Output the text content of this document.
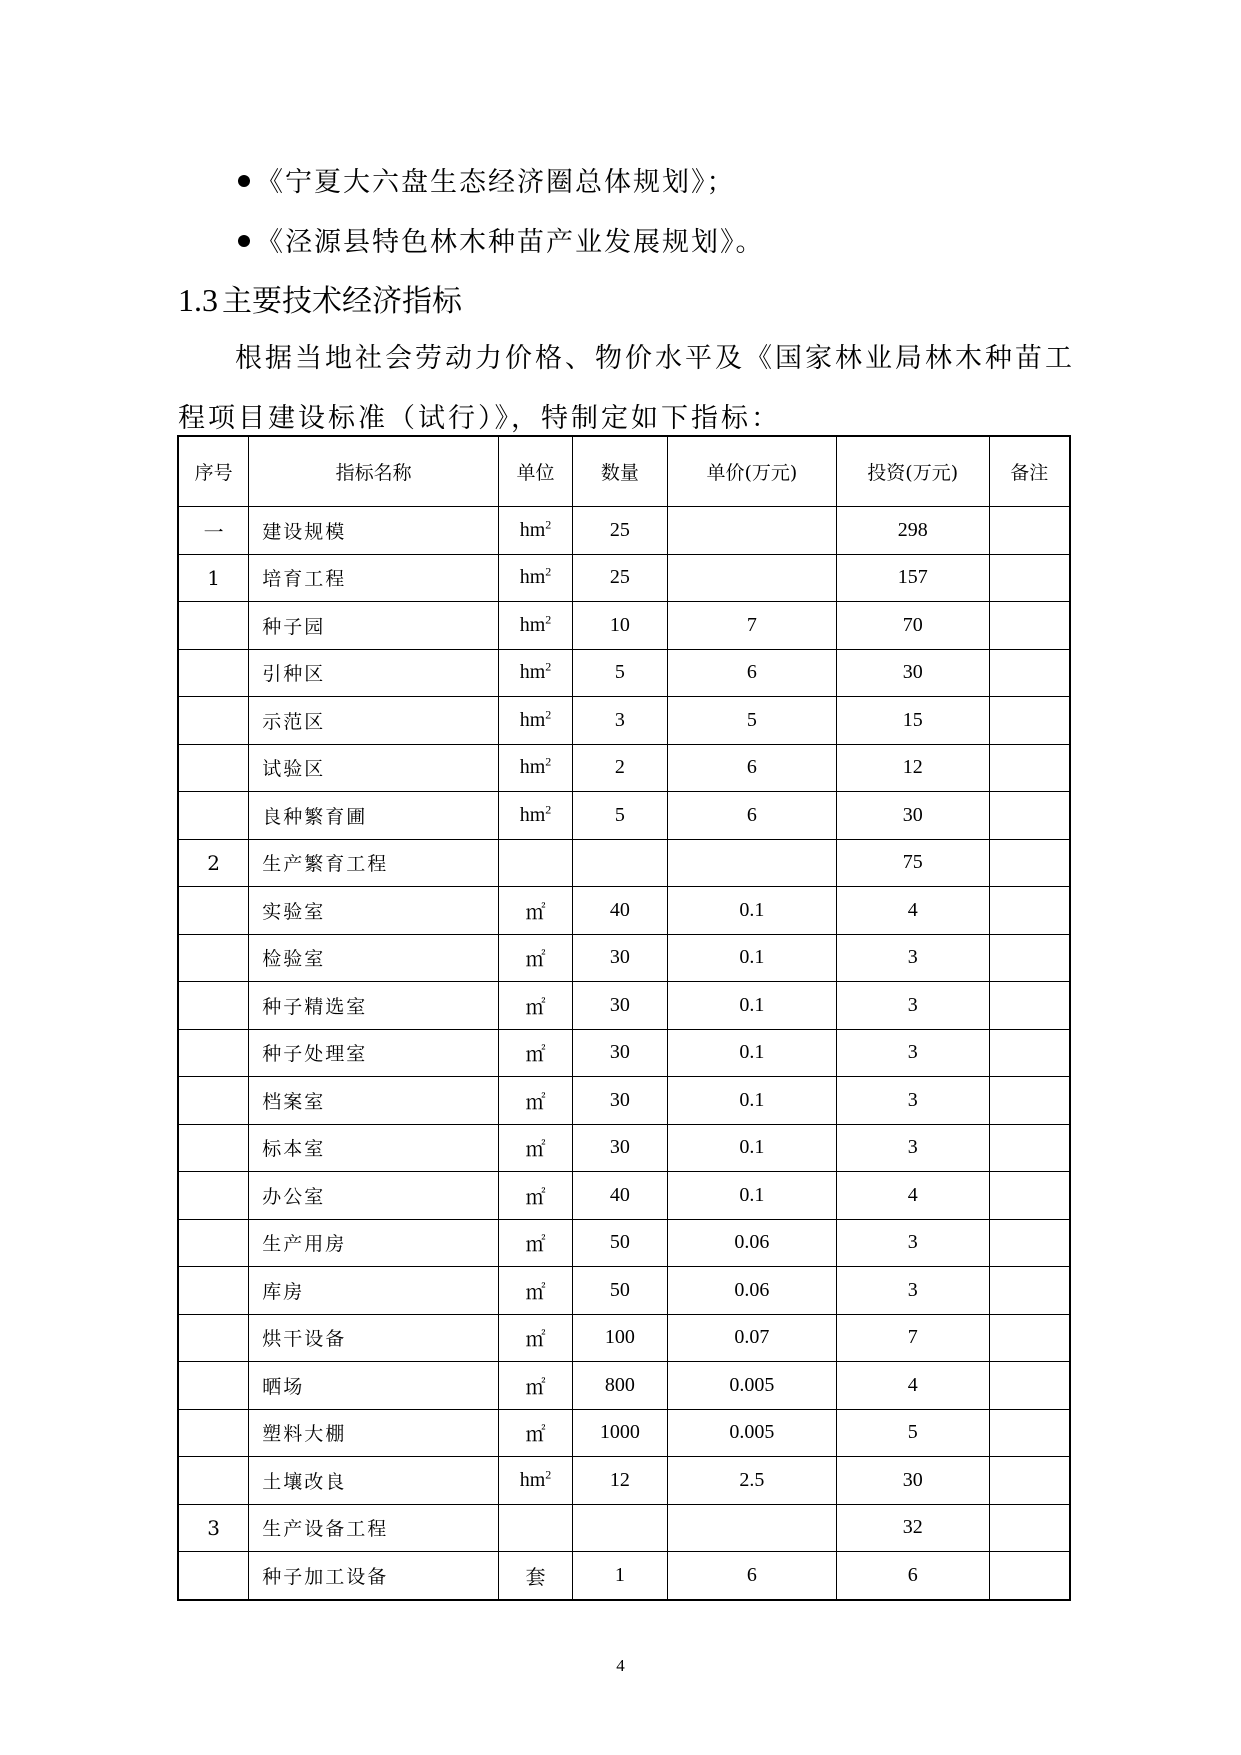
《宁夏大六盘生态经济圈总体规划》；
《泾源县特色林木种苗产业发展规划》。
1.3 主要技术经济指标
根据当地社会劳动力价格、物价水平及《国家林业局林木种苗工
程项目建设标准（试行）》，特制定如下指标：
序号	指标名称	单位	数量	单价(万元)	投资(万元)	备注
一	建设规模	$hm^2$	25		298	
1	培育工程	$hm^2$	25		157	
	种子园	$hm^2$	10	7	70	
	引种区	$hm^2$	5	6	30	
	示范区	$hm^2$	3	5	15	
	试验区	$hm^2$	2	6	12	
	良种繁育圃	$hm^2$	5	6	30	
2	生产繁育工程				75	
	实验室	㎡	40	0.1	4	
	检验室	㎡	30	0.1	3	
	种子精选室	㎡	30	0.1	3	
	种子处理室	㎡	30	0.1	3	
	档案室	㎡	30	0.1	3	
	标本室	㎡	30	0.1	3	
	办公室	㎡	40	0.1	4	
	生产用房	㎡	50	0.06	3	
	库房	㎡	50	0.06	3	
	烘干设备	㎡	100	0.07	7	
	晒场	㎡	800	0.005	4	
	塑料大棚	㎡	1000	0.005	5	
	土壤改良	$hm^2$	12	2.5	30	
3	生产设备工程				32	
	种子加工设备	套	1	6	6	
4
